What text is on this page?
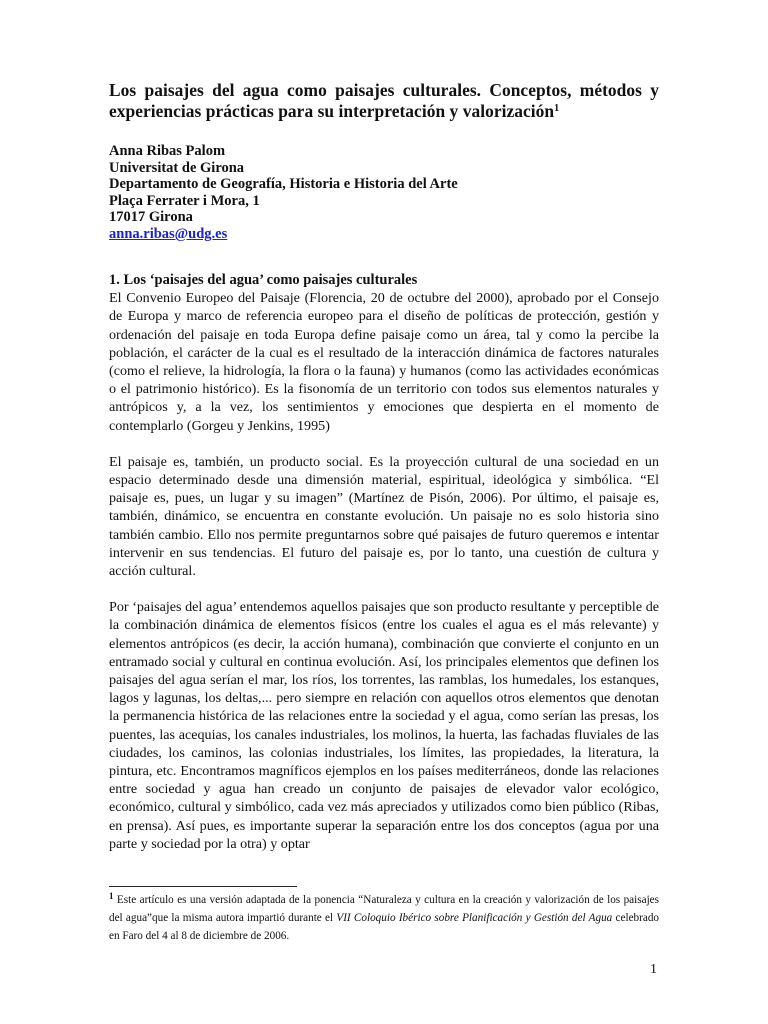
Los paisajes del agua como paisajes culturales. Conceptos, métodos y experiencias prácticas para su interpretación y valorización$^1$
Anna Ribas Palom
Universitat de Girona
Departamento de Geografía, Historia e Historia del Arte
Plaça Ferrater i Mora, 1
17017 Girona
anna.ribas@udg.es
1. Los ‘paisajes del agua’ como paisajes culturales

El Convenio Europeo del Paisaje (Florencia, 20 de octubre del 2000), aprobado por el Consejo de Europa y marco de referencia europeo para el diseño de políticas de protección, gestión y ordenación del paisaje en toda Europa define paisaje como un área, tal y como la percibe la población, el carácter de la cual es el resultado de la interacción dinámica de factores naturales (como el relieve, la hidrología, la flora o la fauna) y humanos (como las actividades económicas o el patrimonio histórico). Es la fisonomía de un territorio con todos sus elementos naturales y antrópicos y, a la vez, los sentimientos y emociones que despierta en el momento de contemplarlo (Gorgeu y Jenkins, 1995)

El paisaje es, también, un producto social. Es la proyección cultural de una sociedad en un espacio determinado desde una dimensión material, espiritual, ideológica y simbólica. “El paisaje es, pues, un lugar y su imagen” (Martínez de Pisón, 2006). Por último, el paisaje es, también, dinámico, se encuentra en constante evolución. Un paisaje no es solo historia sino también cambio. Ello nos permite preguntarnos sobre qué paisajes de futuro queremos e intentar intervenir en sus tendencias. El futuro del paisaje es, por lo tanto, una cuestión de cultura y acción cultural.

Por ‘paisajes del agua’ entendemos aquellos paisajes que son producto resultante y perceptible de la combinación dinámica de elementos físicos (entre los cuales el agua es el más relevante) y elementos antrópicos (es decir, la acción humana), combinación que convierte el conjunto en un entramado social y cultural en continua evolución. Así, los principales elementos que definen los paisajes del agua serían el mar, los ríos, los torrentes, las ramblas, los humedales, los estanques, lagos y lagunas, los deltas,... pero siempre en relación con aquellos otros elementos que denotan la permanencia histórica de las relaciones entre la sociedad y el agua, como serían las presas, los puentes, las acequias, los canales industriales, los molinos, la huerta, las fachadas fluviales de las ciudades, los caminos, las colonias industriales, los límites, las propiedades, la literatura, la pintura, etc. Encontramos magníficos ejemplos en los países mediterráneos, donde las relaciones entre sociedad y agua han creado un conjunto de paisajes de elevador valor ecológico, económico, cultural y simbólico, cada vez más apreciados y utilizados como bien público (Ribas, en prensa). Así pues, es importante superar la separación entre los dos conceptos (agua por una parte y sociedad por la otra) y optar

$^1$ Este artículo es una versión adaptada de la ponencia “Naturaleza y cultura en la creación y valorización de los paisajes del agua”que la misma autora impartió durante el VII Coloquio Ibérico sobre Planificación y Gestión del Agua celebrado en Faro del 4 al 8 de diciembre de 2006.
1
